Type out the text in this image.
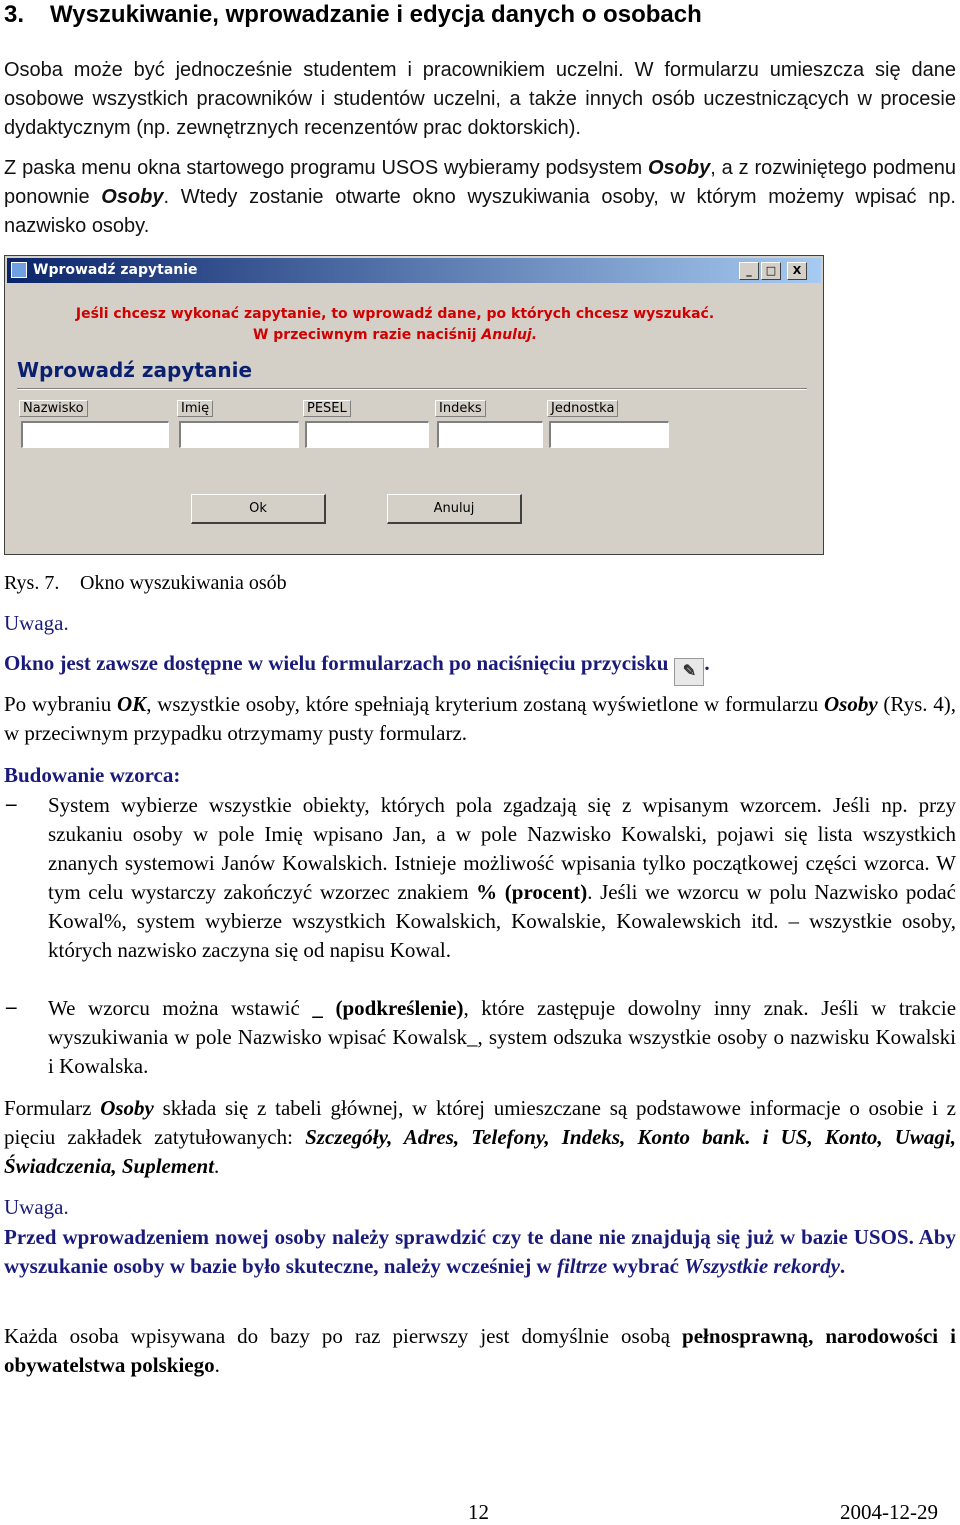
3. Wyszukiwanie, wprowadzanie i edycja danych o osobach
Osoba może być jednocześnie studentem i pracownikiem uczelni. W formularzu umieszcza się dane osobowe wszystkich pracowników i studentów uczelni, a także innych osób uczestniczących w procesie dydaktycznym (np. zewnętrznych recenzentów prac doktorskich).
Z paska menu okna startowego programu USOS wybieramy podsystem Osoby, a z rozwiniętego podmenu ponownie Osoby. Wtedy zostanie otwarte okno wyszukiwania osoby, w którym możemy wpisać np. nazwisko osoby.
Wprowadź zapytanie	_	□	X
Jeśli chcesz wykonać zapytanie, to wprowadź dane, po których chcesz wyszukać.
W przeciwnym razie naciśnij Anuluj.
Wprowadź zapytanie
Nazwisko	Imię	PESEL	Indeks	Jednostka
Ok	Anuluj
Rys. 7. Okno wyszukiwania osób
Uwaga.
Okno jest zawsze dostępne w wielu formularzach po naciśnięciu przycisku ✎ .
Po wybraniu OK, wszystkie osoby, które spełniają kryterium zostaną wyświetlone w formularzu Osoby (Rys. 4), w przeciwnym przypadku otrzymamy pusty formularz.
Budowanie wzorca:
– System wybierze wszystkie obiekty, których pola zgadzają się z wpisanym wzorcem. Jeśli np. przy szukaniu osoby w pole Imię wpisano Jan, a w pole Nazwisko Kowalski, pojawi się lista wszystkich znanych systemowi Janów Kowalskich. Istnieje możliwość wpisania tylko początkowej części wzorca. W tym celu wystarczy zakończyć wzorzec znakiem % (procent). Jeśli we wzorcu w polu Nazwisko podać Kowal%, system wybierze wszystkich Kowalskich, Kowalskie, Kowalewskich itd. – wszystkie osoby, których nazwisko zaczyna się od napisu Kowal.
– We wzorcu można wstawić _ (podkreślenie), które zastępuje dowolny inny znak. Jeśli w trakcie wyszukiwania w pole Nazwisko wpisać Kowalsk_, system odszuka wszystkie osoby o nazwisku Kowalski i Kowalska.
Formularz Osoby składa się z tabeli głównej, w której umieszczane są podstawowe informacje o osobie i z pięciu zakładek zatytułowanych: Szczegóły, Adres, Telefony, Indeks, Konto bank. i US, Konto, Uwagi, Świadczenia, Suplement.
Uwaga.
Przed wprowadzeniem nowej osoby należy sprawdzić czy te dane nie znajdują się już w bazie USOS. Aby wyszukanie osoby w bazie było skuteczne, należy wcześniej w filtrze wybrać Wszystkie rekordy.
Każda osoba wpisywana do bazy po raz pierwszy jest domyślnie osobą pełnosprawną, narodowości i obywatelstwa polskiego.
12	2004-12-29
